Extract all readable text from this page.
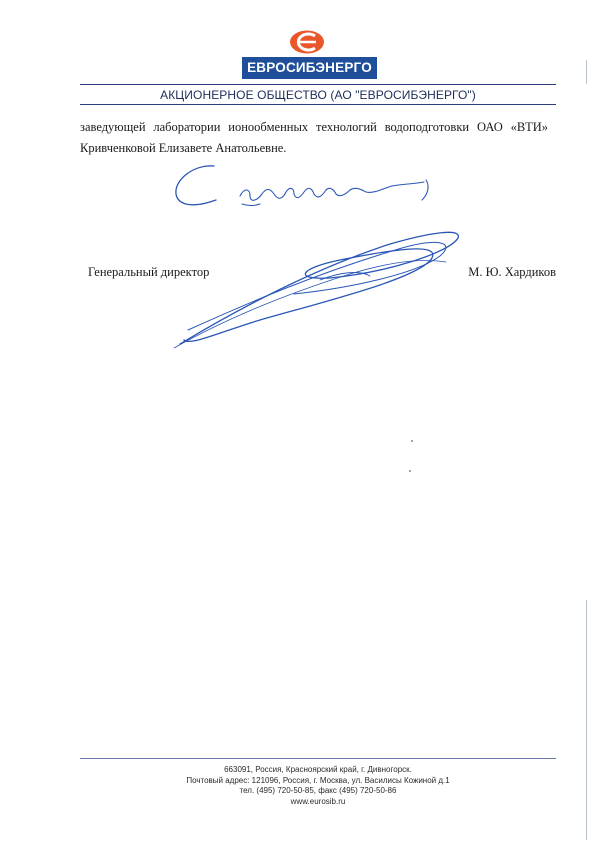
ЕВРОСИБЭНЕРГО
АКЦИОНЕРНОЕ ОБЩЕСТВО (АО "ЕВРОСИБЭНЕРГО")
заведующей лаборатории ионообменных технологий водоподготовки ОАО «ВТИ»
Кривченковой Елизавете Анатольевне.
Генеральный директор	М. Ю. Хардиков
663091, Россия, Красноярский край, г. Дивногорск.
Почтовый адрес: 121096, Россия, г. Москва, ул. Василисы Кожиной д.1
тел. (495) 720-50-85, факс (495) 720-50-86
www.eurosib.ru
